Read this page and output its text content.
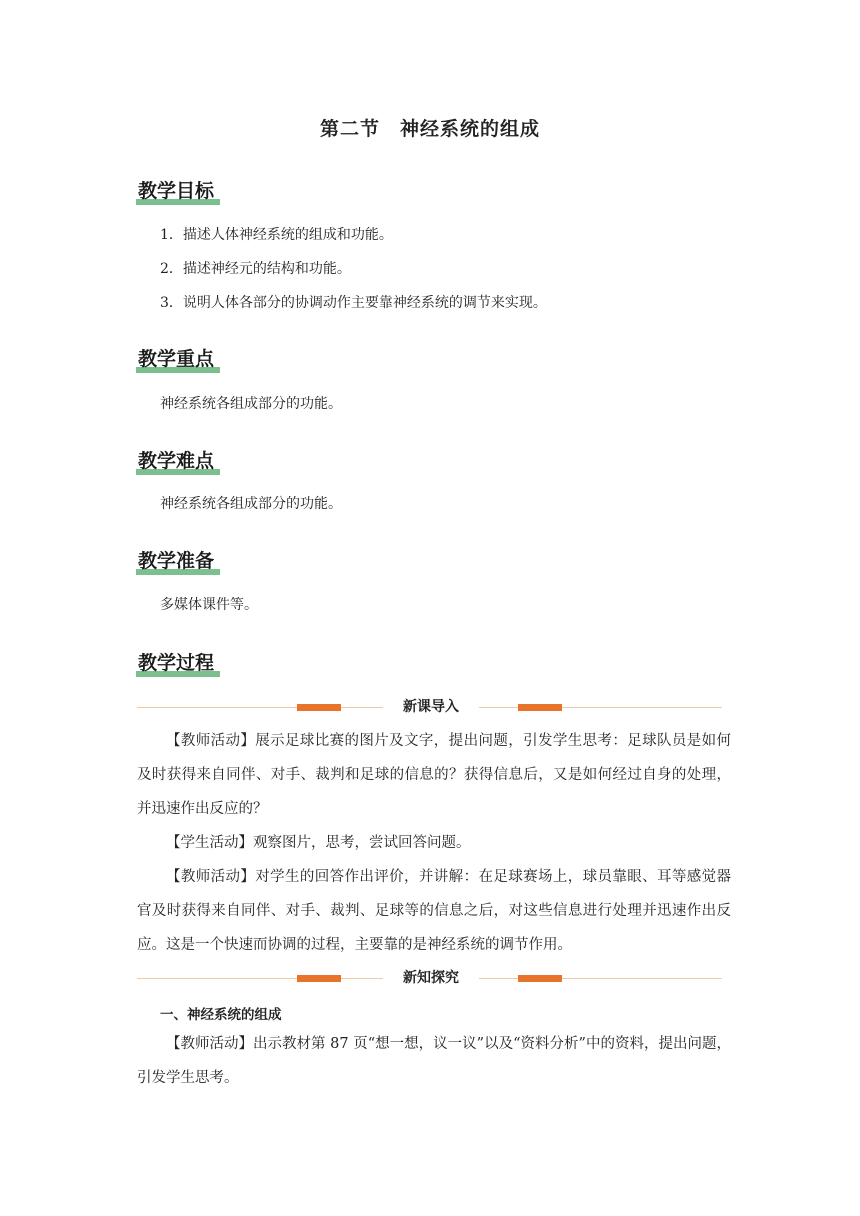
第二节　神经系统的组成
教学目标
1．描述人体神经系统的组成和功能。
2．描述神经元的结构和功能。
3．说明人体各部分的协调动作主要靠神经系统的调节来实现。
教学重点
神经系统各组成部分的功能。
教学难点
神经系统各组成部分的功能。
教学准备
多媒体课件等。
教学过程
新课导入
【教师活动】展示足球比赛的图片及文字，提出问题，引发学生思考：足球队员是如何及时获得来自同伴、对手、裁判和足球的信息的？获得信息后，又是如何经过自身的处理，并迅速作出反应的？
【学生活动】观察图片，思考，尝试回答问题。
【教师活动】对学生的回答作出评价，并讲解：在足球赛场上，球员靠眼、耳等感觉器官及时获得来自同伴、对手、裁判、足球等的信息之后，对这些信息进行处理并迅速作出反应。这是一个快速而协调的过程，主要靠的是神经系统的调节作用。
新知探究
一、神经系统的组成
【教师活动】出示教材第 87 页“想一想，议一议”以及“资料分析”中的资料，提出问题，引发学生思考。
